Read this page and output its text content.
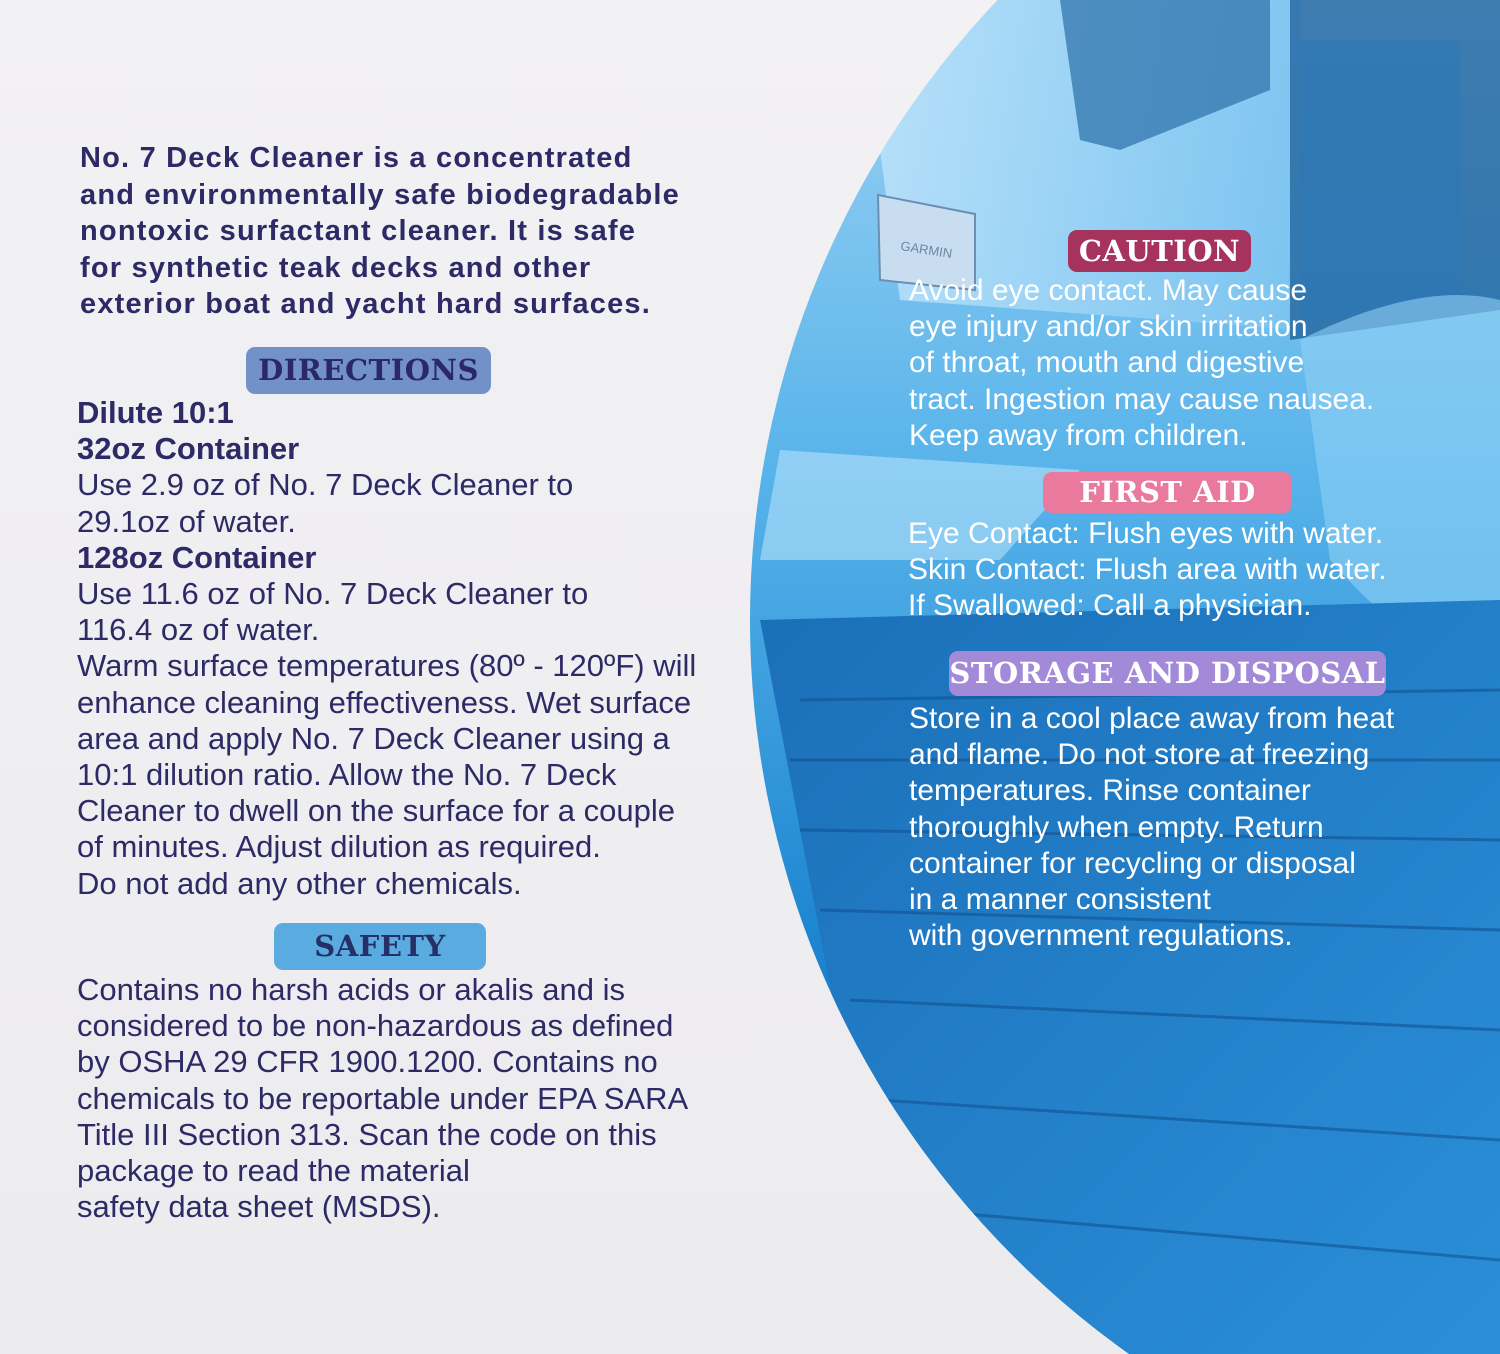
GARMIN
No. 7 Deck Cleaner is a concentrated
and environmentally safe biodegradable
nontoxic surfactant cleaner. It is safe
for synthetic teak decks and other
exterior boat and yacht hard surfaces.
DIRECTIONS
Dilute 10:1
32oz Container
Use 2.9 oz of No. 7 Deck Cleaner to
29.1oz of water.
128oz Container
Use 11.6 oz of No. 7 Deck Cleaner to
116.4 oz of water.
Warm surface temperatures (80º - 120ºF) will
enhance cleaning effectiveness. Wet surface
area and apply No. 7 Deck Cleaner using a
10:1 dilution ratio. Allow the No. 7 Deck
Cleaner to dwell on the surface for a couple
of minutes. Adjust dilution as required.
Do not add any other chemicals.
SAFETY
Contains no harsh acids or akalis and is
considered to be non-hazardous as defined
by OSHA 29 CFR 1900.1200. Contains no
chemicals to be reportable under EPA SARA
Title III Section 313. Scan the code on this
package to read the material
safety data sheet (MSDS).
CAUTION
Avoid eye contact. May cause
eye injury and/or skin irritation
of throat, mouth and digestive
tract. Ingestion may cause nausea.
Keep away from children.
FIRST AID
Eye Contact: Flush eyes with water.
Skin Contact: Flush area with water.
If Swallowed: Call a physician.
STORAGE AND DISPOSAL
Store in a cool place away from heat
and flame. Do not store at freezing
temperatures. Rinse container
thoroughly when empty. Return
container for recycling or disposal
in a manner consistent
with government regulations.
